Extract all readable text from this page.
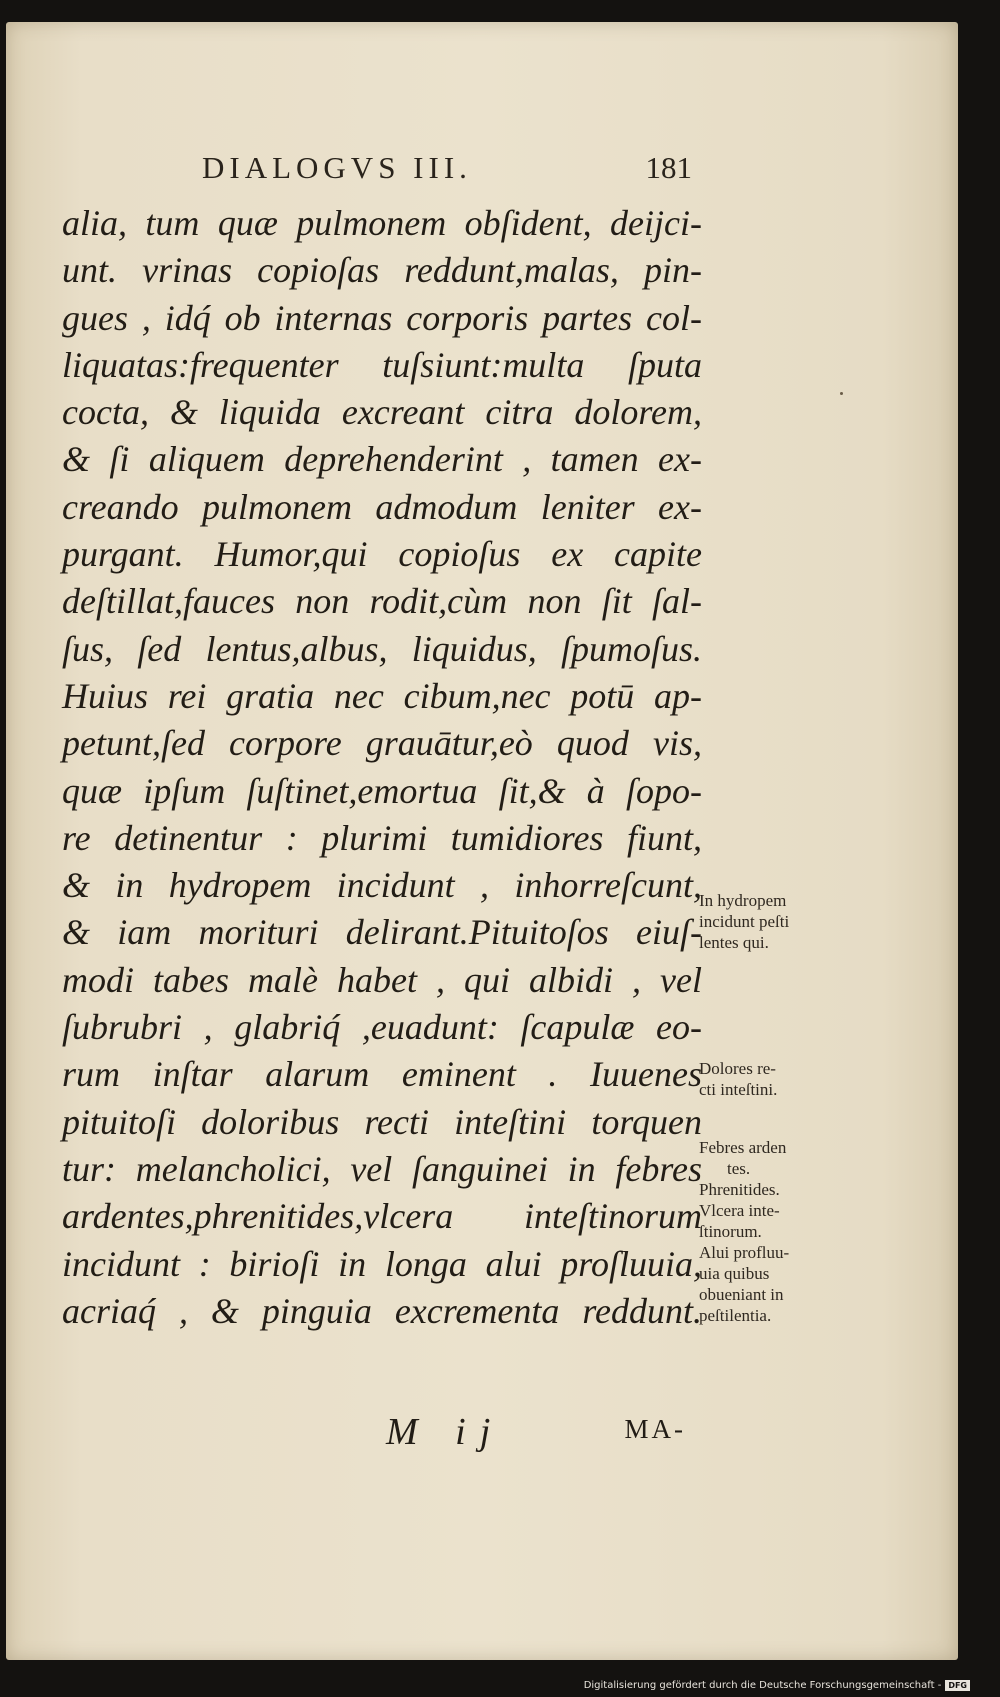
DIALOGVS III.	181
alia, tum quæ pulmonem obſident, deijci-
unt. vrinas copioſas reddunt,malas, pin-
gues , idq́ ob internas corporis partes col-
liquatas:frequenter tuſsiunt:multa ſputa
cocta, & liquida excreant citra dolorem,
& ſi aliquem deprehenderint , tamen ex-
creando pulmonem admodum leniter ex-
purgant. Humor,qui copioſus ex capite
deſtillat,fauces non rodit,cùm non ſit ſal-
ſus, ſed lentus,albus, liquidus, ſpumoſus.
Huius rei gratia nec cibum,nec potū ap-
petunt,ſed corpore grauātur,eò quod vis,
quæ ipſum ſuſtinet,emortua ſit,& à ſopo-
re detinentur : plurimi tumidiores fiunt,
& in hydropem incidunt , inhorreſcunt,
& iam morituri delirant.Pituitoſos eiuſ-
modi tabes malè habet , qui albidi , vel
ſubrubri , glabriq́ ,euadunt: ſcapulæ eo-
rum inſtar alarum eminent . Iuuenes
pituitoſi doloribus recti inteſtini torquen
tur: melancholici, vel ſanguinei in febres
ardentes,phrenitides,vlcera inteſtinorum
incidunt : birioſi in longa alui proſluuia,
acriaq́ , & pinguia excrementa reddunt.
In hydropem
incidunt peſti
lentes qui.
Dolores re-
cti inteſtini.
Febres arden
tes.
Phrenitides.
Vlcera inte-
ſtinorum.
Alui profluu-
uia quibus
obueniant in
peſtilentia.
M ij	MA-
Digitalisierung gefördert durch die Deutsche Forschungsgemeinschaft - DFG
